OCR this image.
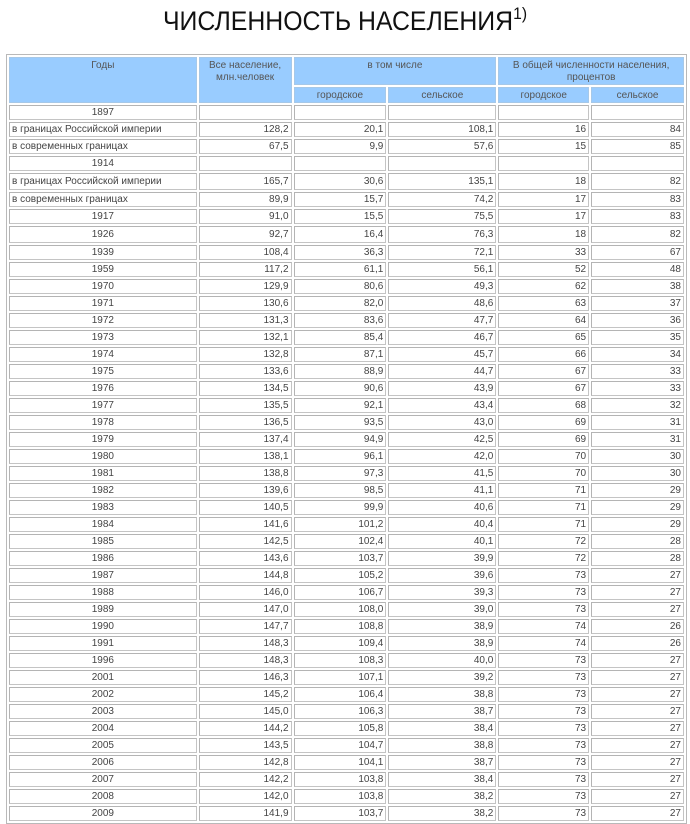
ЧИСЛЕННОСТЬ НАСЕЛЕНИЯ$^{1)}$
Годы	Все население, млн.человек	в том числе		В общей численности населения, процентов	
		городское	сельское	городское	сельское
1897					
в границах Российской империи	128,2	20,1	108,1	16	84
в современных границах	67,5	9,9	57,6	15	85
1914					
в границах Российской империи	165,7	30,6	135,1	18	82
в современных границах	89,9	15,7	74,2	17	83
1917	91,0	15,5	75,5	17	83
1926	92,7	16,4	76,3	18	82
1939	108,4	36,3	72,1	33	67
1959	117,2	61,1	56,1	52	48
1970	129,9	80,6	49,3	62	38
1971	130,6	82,0	48,6	63	37
1972	131,3	83,6	47,7	64	36
1973	132,1	85,4	46,7	65	35
1974	132,8	87,1	45,7	66	34
1975	133,6	88,9	44,7	67	33
1976	134,5	90,6	43,9	67	33
1977	135,5	92,1	43,4	68	32
1978	136,5	93,5	43,0	69	31
1979	137,4	94,9	42,5	69	31
1980	138,1	96,1	42,0	70	30
1981	138,8	97,3	41,5	70	30
1982	139,6	98,5	41,1	71	29
1983	140,5	99,9	40,6	71	29
1984	141,6	101,2	40,4	71	29
1985	142,5	102,4	40,1	72	28
1986	143,6	103,7	39,9	72	28
1987	144,8	105,2	39,6	73	27
1988	146,0	106,7	39,3	73	27
1989	147,0	108,0	39,0	73	27
1990	147,7	108,8	38,9	74	26
1991	148,3	109,4	38,9	74	26
1996	148,3	108,3	40,0	73	27
2001	146,3	107,1	39,2	73	27
2002	145,2	106,4	38,8	73	27
2003	145,0	106,3	38,7	73	27
2004	144,2	105,8	38,4	73	27
2005	143,5	104,7	38,8	73	27
2006	142,8	104,1	38,7	73	27
2007	142,2	103,8	38,4	73	27
2008	142,0	103,8	38,2	73	27
2009	141,9	103,7	38,2	73	27
